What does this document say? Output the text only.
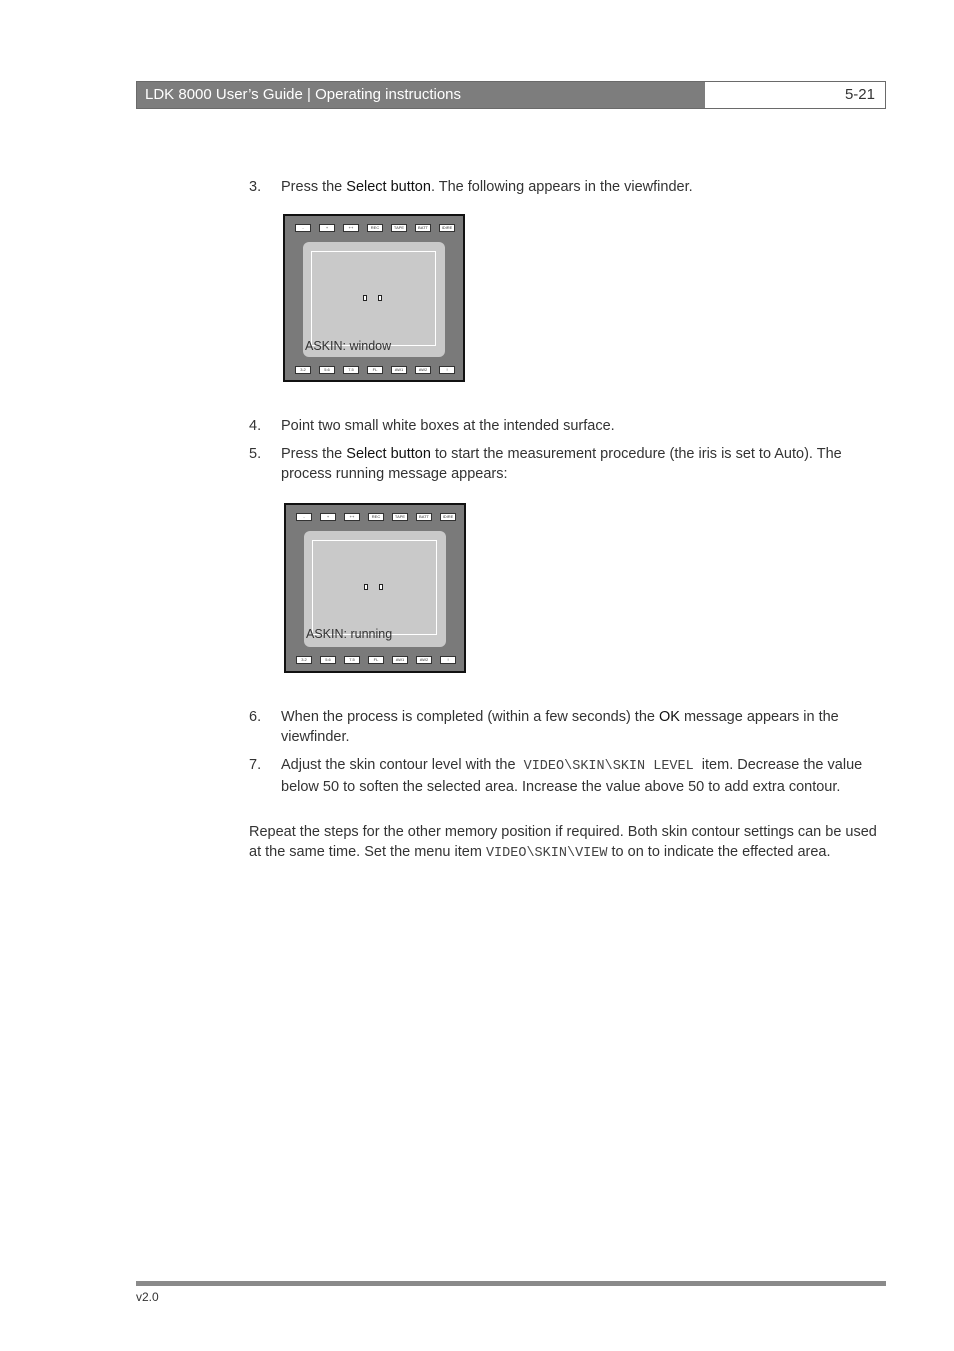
LDK 8000 User’s Guide | Operating instructions	5-21
3. Press the Select button. The following appears in the viewfinder.
-	+	++	REC	TAPE	BATT	IDIRE
ASKIN: window
3.2	5.6	7.5	FL	AW1	AW2	!
4. Point two small white boxes at the intended surface.
5. Press the Select button to start the measurement procedure (the iris is set to Auto). The process running message appears:
-	+	++	REC	TAPE	BATT	IDIRE
ASKIN: running
3.2	5.6	7.5	FL	AW1	AW2	!
6. When the process is completed (within a few seconds) the OK message appears in the viewfinder.
7. Adjust the skin contour level with the  VIDEO\SKIN\SKIN LEVEL  item. Decrease the value below 50 to soften the selected area. Increase the value above 50 to add extra contour.
Repeat the steps for the other memory position if required. Both skin contour settings can be used at the same time. Set the menu item VIDEO\SKIN\VIEW to on to indicate the effected area.
v2.0
